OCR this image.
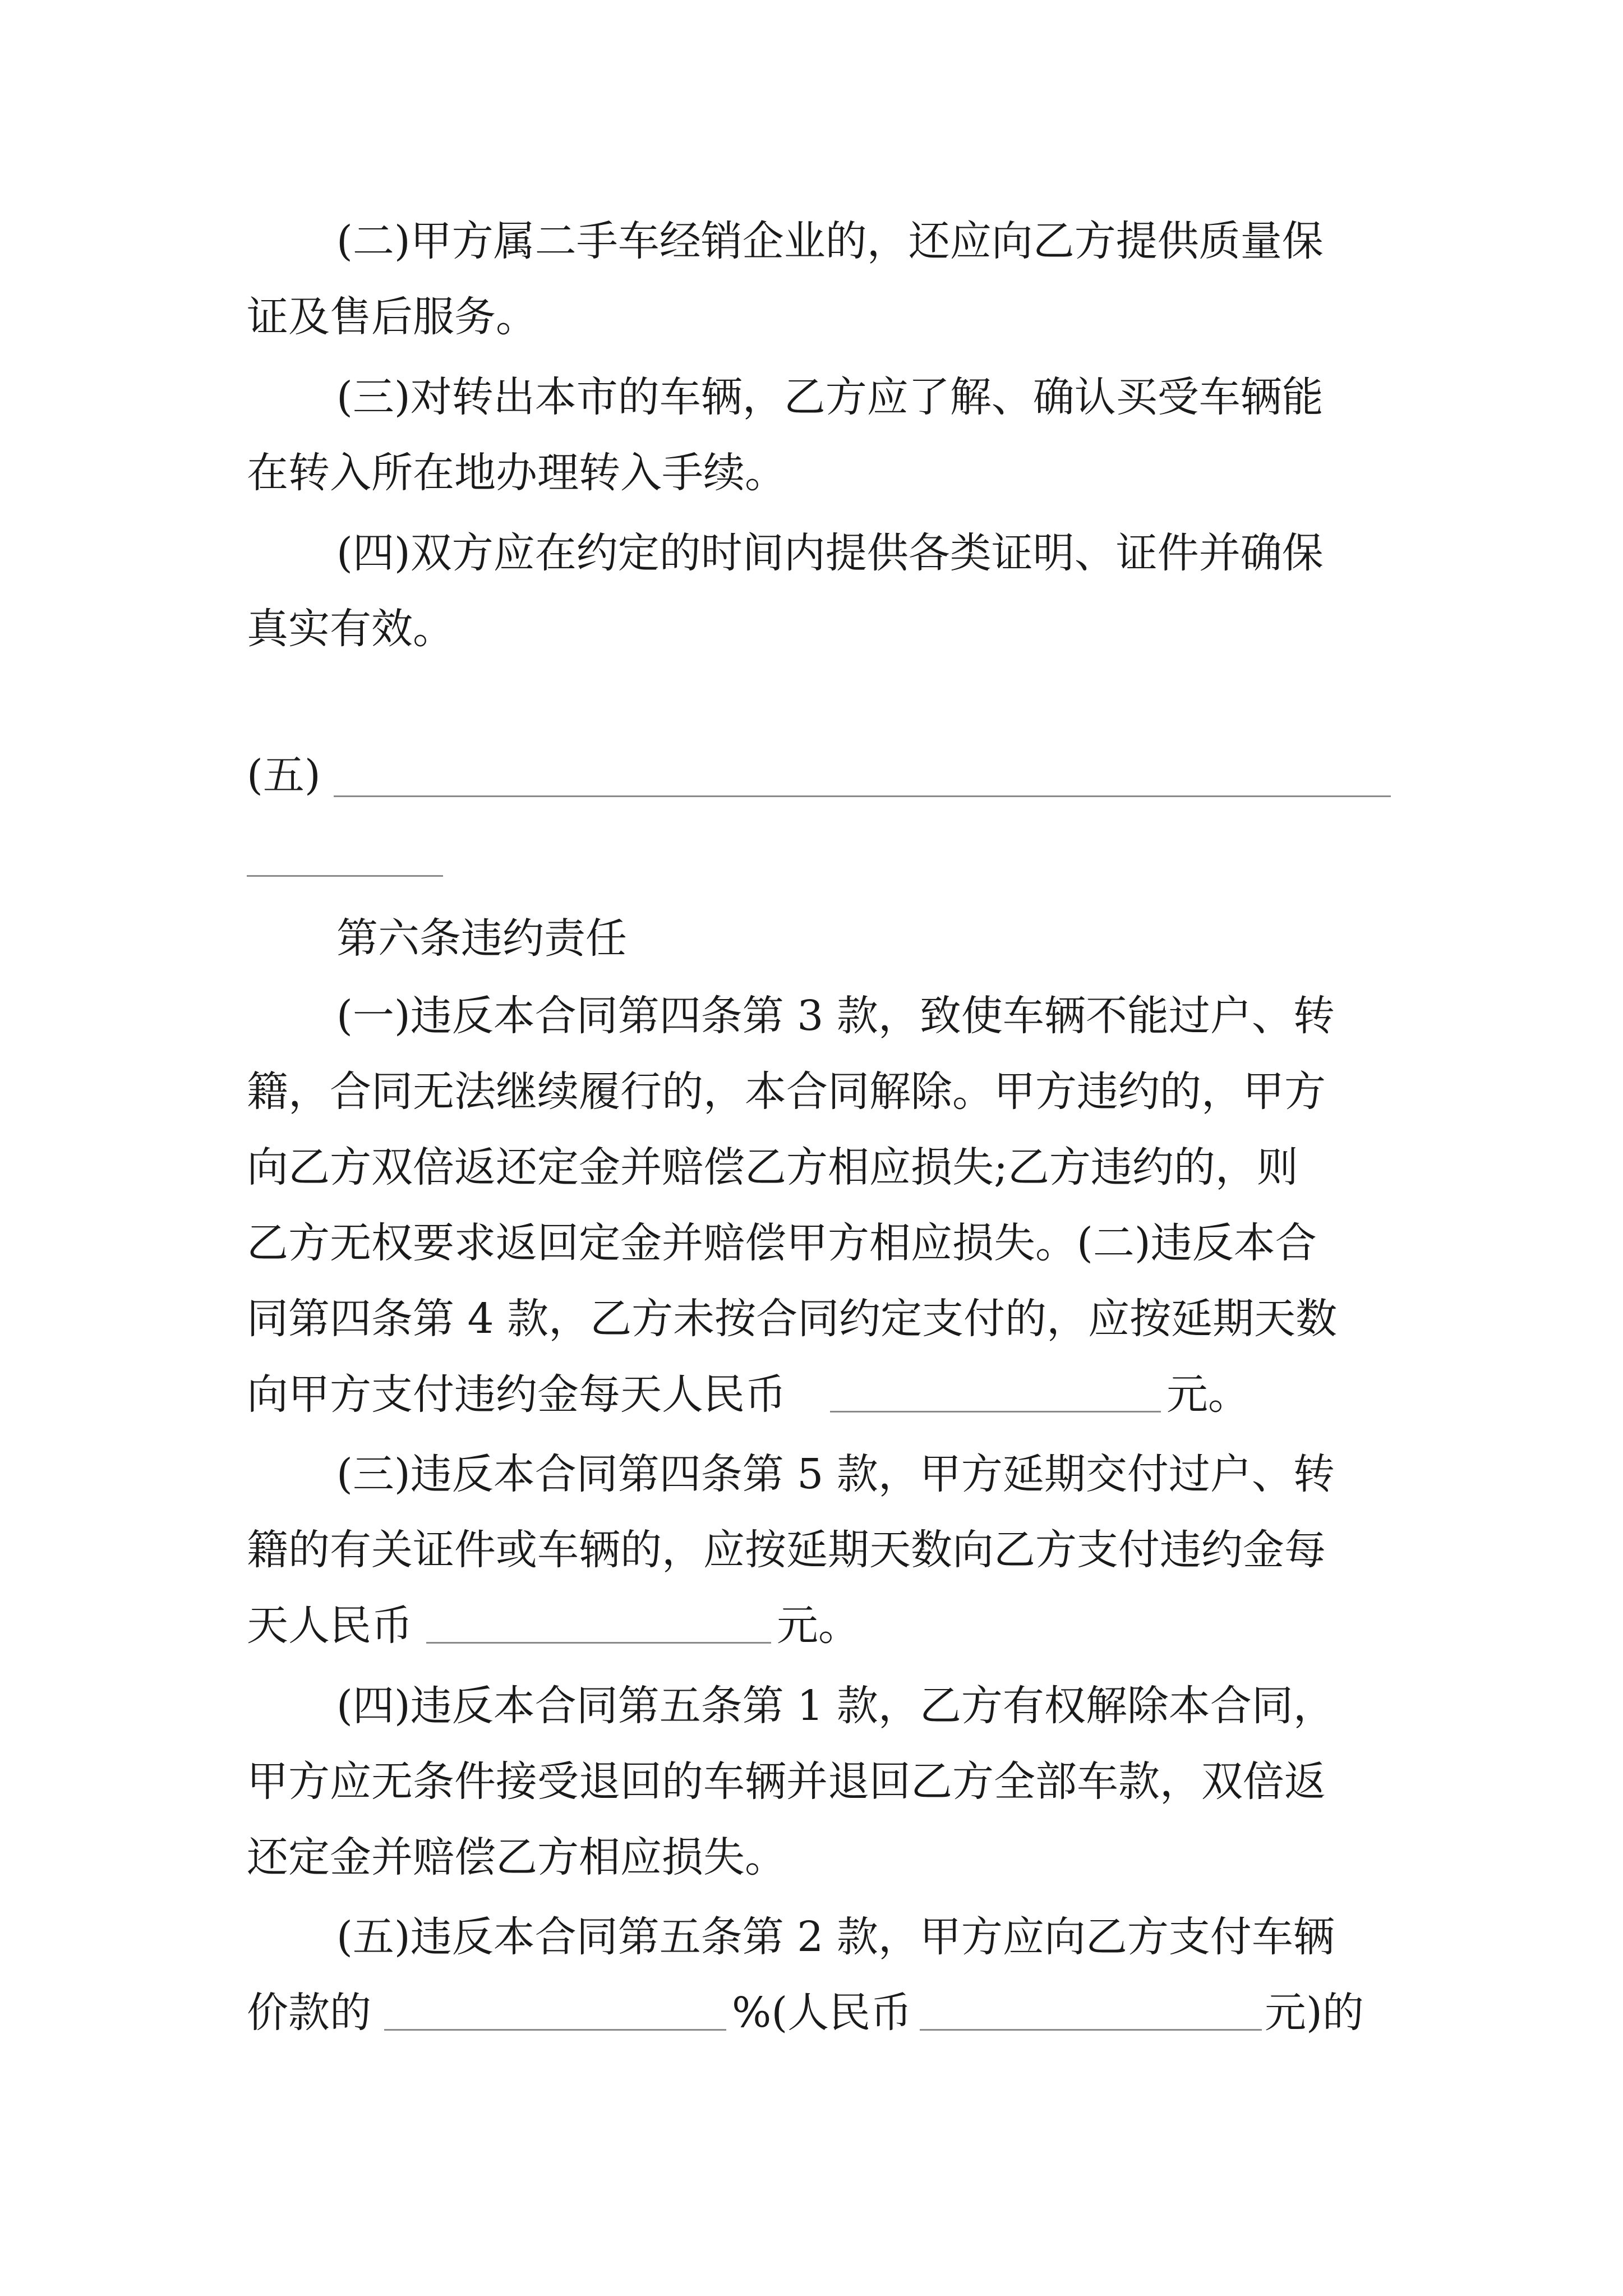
(二)甲方属二手车经销企业的，还应向乙方提供质量保
证及售后服务。
(三)对转出本市的车辆，乙方应了解、确认买受车辆能
在转入所在地办理转入手续。
(四)双方应在约定的时间内提供各类证明、证件并确保
真实有效。
(五)
第六条违约责任
(一)违反本合同第四条第 3 款，致使车辆不能过户、转
籍，合同无法继续履行的，本合同解除。甲方违约的，甲方
向乙方双倍返还定金并赔偿乙方相应损失;乙方违约的，则
乙方无权要求返回定金并赔偿甲方相应损失。(二)违反本合
同第四条第 4 款，乙方未按合同约定支付的，应按延期天数
向甲方支付违约金每天人民币	元。
(三)违反本合同第四条第 5 款，甲方延期交付过户、转
籍的有关证件或车辆的，应按延期天数向乙方支付违约金每
天人民币	元。
(四)违反本合同第五条第 1 款，乙方有权解除本合同，
甲方应无条件接受退回的车辆并退回乙方全部车款，双倍返
还定金并赔偿乙方相应损失。
(五)违反本合同第五条第 2 款，甲方应向乙方支付车辆
价款的	%(人民币	元)的
